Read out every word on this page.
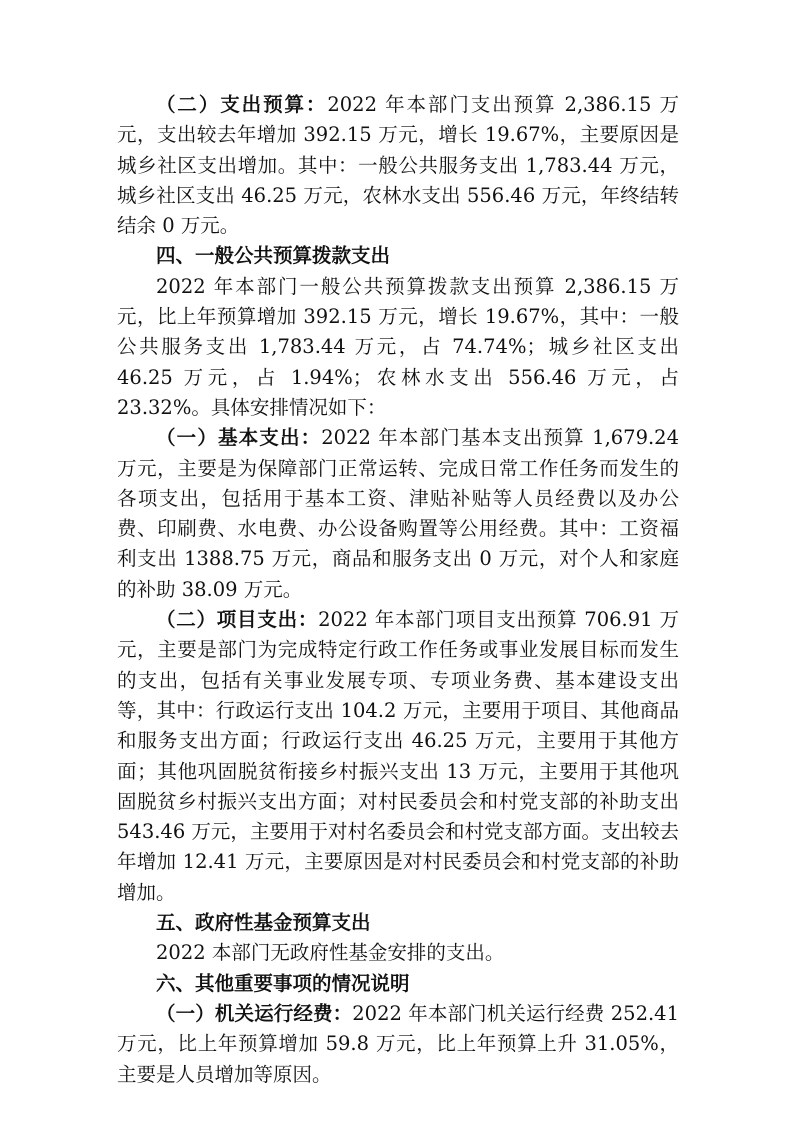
（二）支出预算：2022 年本部门支出预算 2,386.15 万元，支出较去年增加 392.15 万元，增长 19.67%，主要原因是城乡社区支出增加。其中：一般公共服务支出 1,783.44 万元，城乡社区支出 46.25 万元，农林水支出 556.46 万元，年终结转结余 0 万元。

四、一般公共预算拨款支出

2022 年本部门一般公共预算拨款支出预算 2,386.15 万元，比上年预算增加 392.15 万元，增长 19.67%，其中：一般公共服务支出 1,783.44 万元，占 74.74%；城乡社区支出 46.25 万元，占 1.94%；农林水支出 556.46 万元，占 23.32%。具体安排情况如下：

（一）基本支出：2022 年本部门基本支出预算 1,679.24 万元，主要是为保障部门正常运转、完成日常工作任务而发生的各项支出，包括用于基本工资、津贴补贴等人员经费以及办公费、印刷费、水电费、办公设备购置等公用经费。其中：工资福利支出 1388.75 万元，商品和服务支出 0 万元，对个人和家庭的补助 38.09 万元。

（二）项目支出：2022 年本部门项目支出预算 706.91 万元，主要是部门为完成特定行政工作任务或事业发展目标而发生的支出，包括有关事业发展专项、专项业务费、基本建设支出等，其中：行政运行支出 104.2 万元，主要用于项目、其他商品和服务支出方面；行政运行支出 46.25 万元，主要用于其他方面；其他巩固脱贫衔接乡村振兴支出 13 万元，主要用于其他巩固脱贫乡村振兴支出方面；对村民委员会和村党支部的补助支出 543.46 万元，主要用于对村名委员会和村党支部方面。支出较去年增加 12.41 万元，主要原因是对村民委员会和村党支部的补助增加。

五、政府性基金预算支出

2022 本部门无政府性基金安排的支出。

六、其他重要事项的情况说明

（一）机关运行经费：2022 年本部门机关运行经费 252.41 万元，比上年预算增加 59.8 万元，比上年预算上升 31.05%，主要是人员增加等原因。
